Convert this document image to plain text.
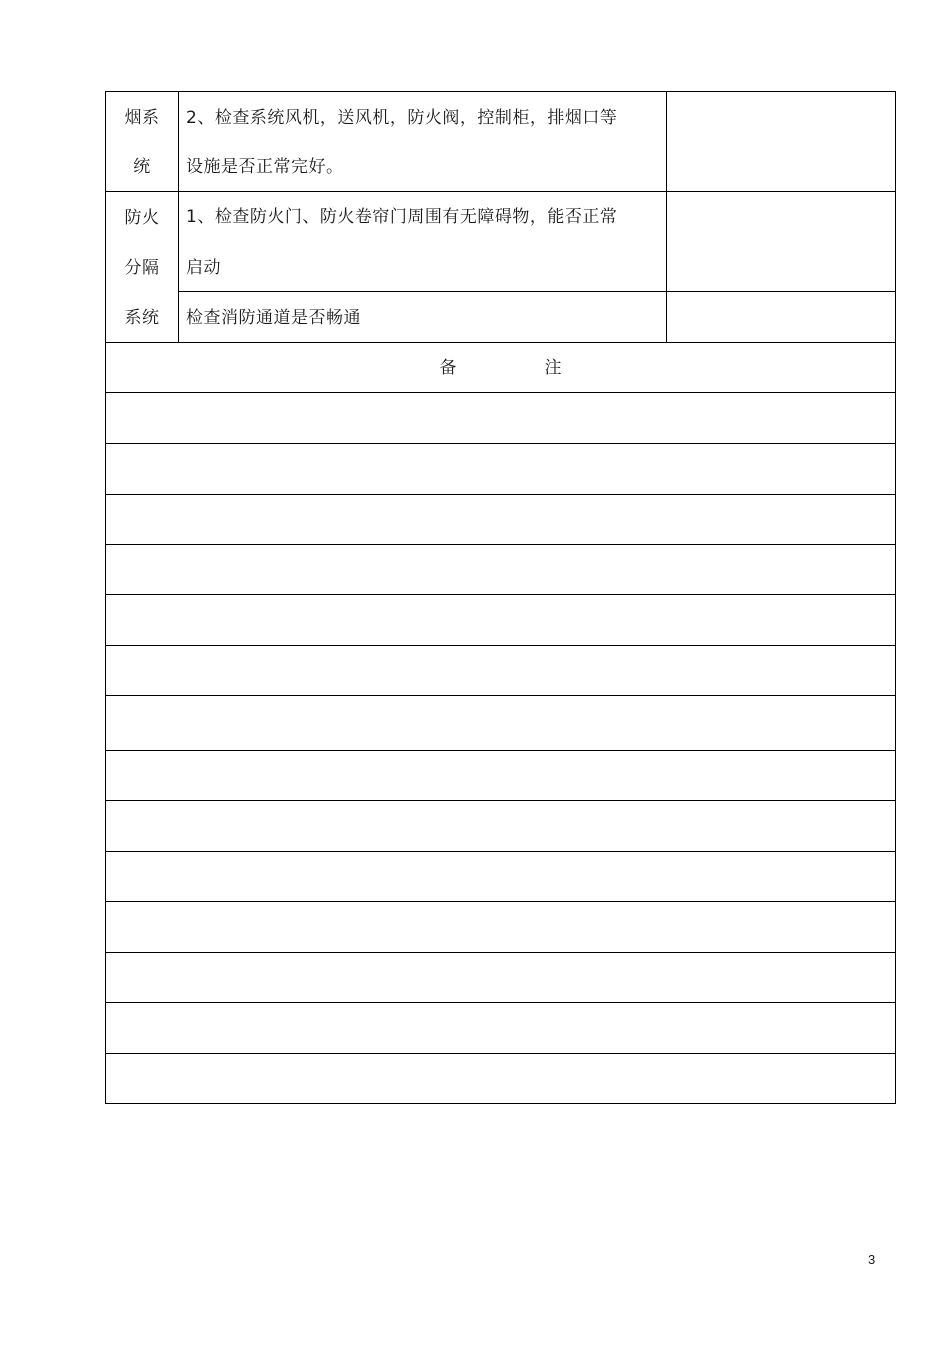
烟系
统
2、检查系统风机，送风机，防火阀，控制柜，排烟口等
设施是否正常完好。
防火
分隔
系统
1、检查防火门、防火卷帘门周围有无障碍物，能否正常
启动
检查消防通道是否畅通
备	注
3
